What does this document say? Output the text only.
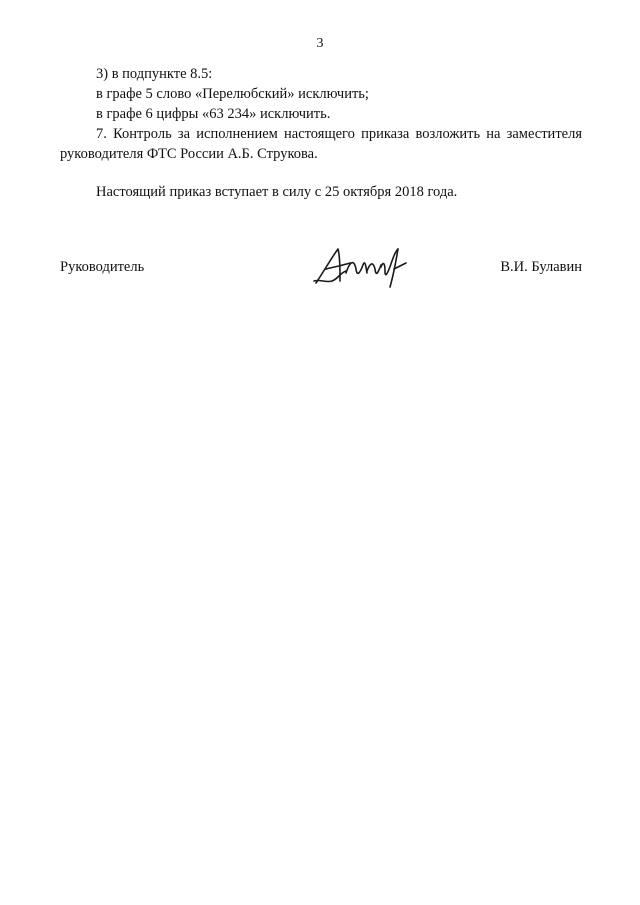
3
3) в подпункте 8.5:
в графе 5 слово «Перелюбский» исключить;
в графе 6 цифры «63 234» исключить.
7. Контроль за исполнением настоящего приказа возложить на заместителя
руководителя ФТС России А.Б. Струкова.
Настоящий приказ вступает в силу с 25 октября 2018 года.
Руководитель	В.И. Булавин
